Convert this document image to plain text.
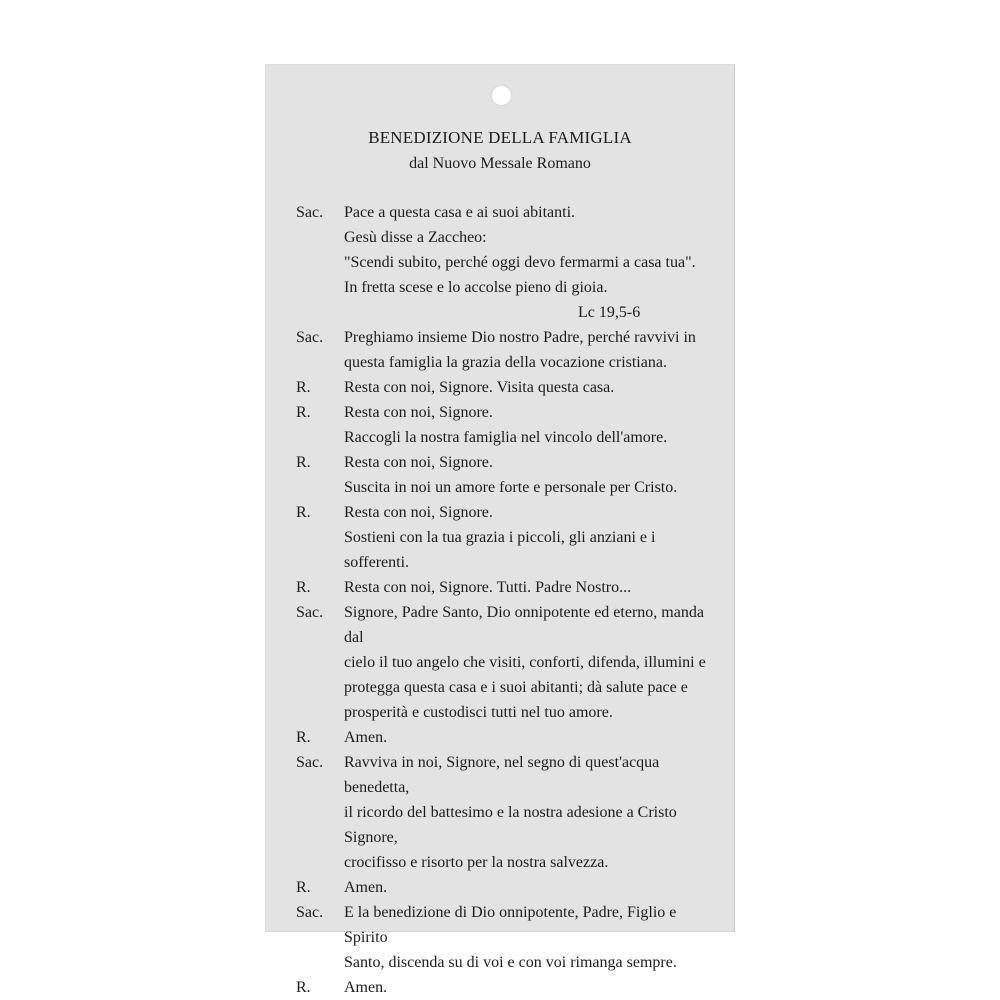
BENEDIZIONE DELLA FAMIGLIA
dal Nuovo Messale Romano
Sac.	Pace a questa casa e ai suoi abitanti.
Gesù disse a Zaccheo:
"Scendi subito, perché oggi devo fermarmi a casa tua".
In fretta scese e lo accolse pieno di gioia.
Lc 19,5-6
Sac.	Preghiamo insieme Dio nostro Padre, perché ravvivi in
questa famiglia la grazia della vocazione cristiana.
R.	Resta con noi, Signore. Visita questa casa.
R.	Resta con noi, Signore.
Raccogli la nostra famiglia nel vincolo dell'amore.
R.	Resta con noi, Signore.
Suscita in noi un amore forte e personale per Cristo.
R.	Resta con noi, Signore.
Sostieni con la tua grazia i piccoli, gli anziani e i sofferenti.
R.	Resta con noi, Signore. Tutti. Padre Nostro...
Sac.	Signore, Padre Santo, Dio onnipotente ed eterno, manda dal
cielo il tuo angelo che visiti, conforti, difenda, illumini e
protegga questa casa e i suoi abitanti; dà salute pace e
prosperità e custodisci tutti nel tuo amore.
R.	Amen.
Sac.	Ravviva in noi, Signore, nel segno di quest'acqua benedetta,
il ricordo del battesimo e la nostra adesione a Cristo Signore,
crocifisso e risorto per la nostra salvezza.
R.	Amen.
Sac.	E la benedizione di Dio onnipotente, Padre, Figlio e Spirito
Santo, discenda su di voi e con voi rimanga sempre.
R.	Amen.
